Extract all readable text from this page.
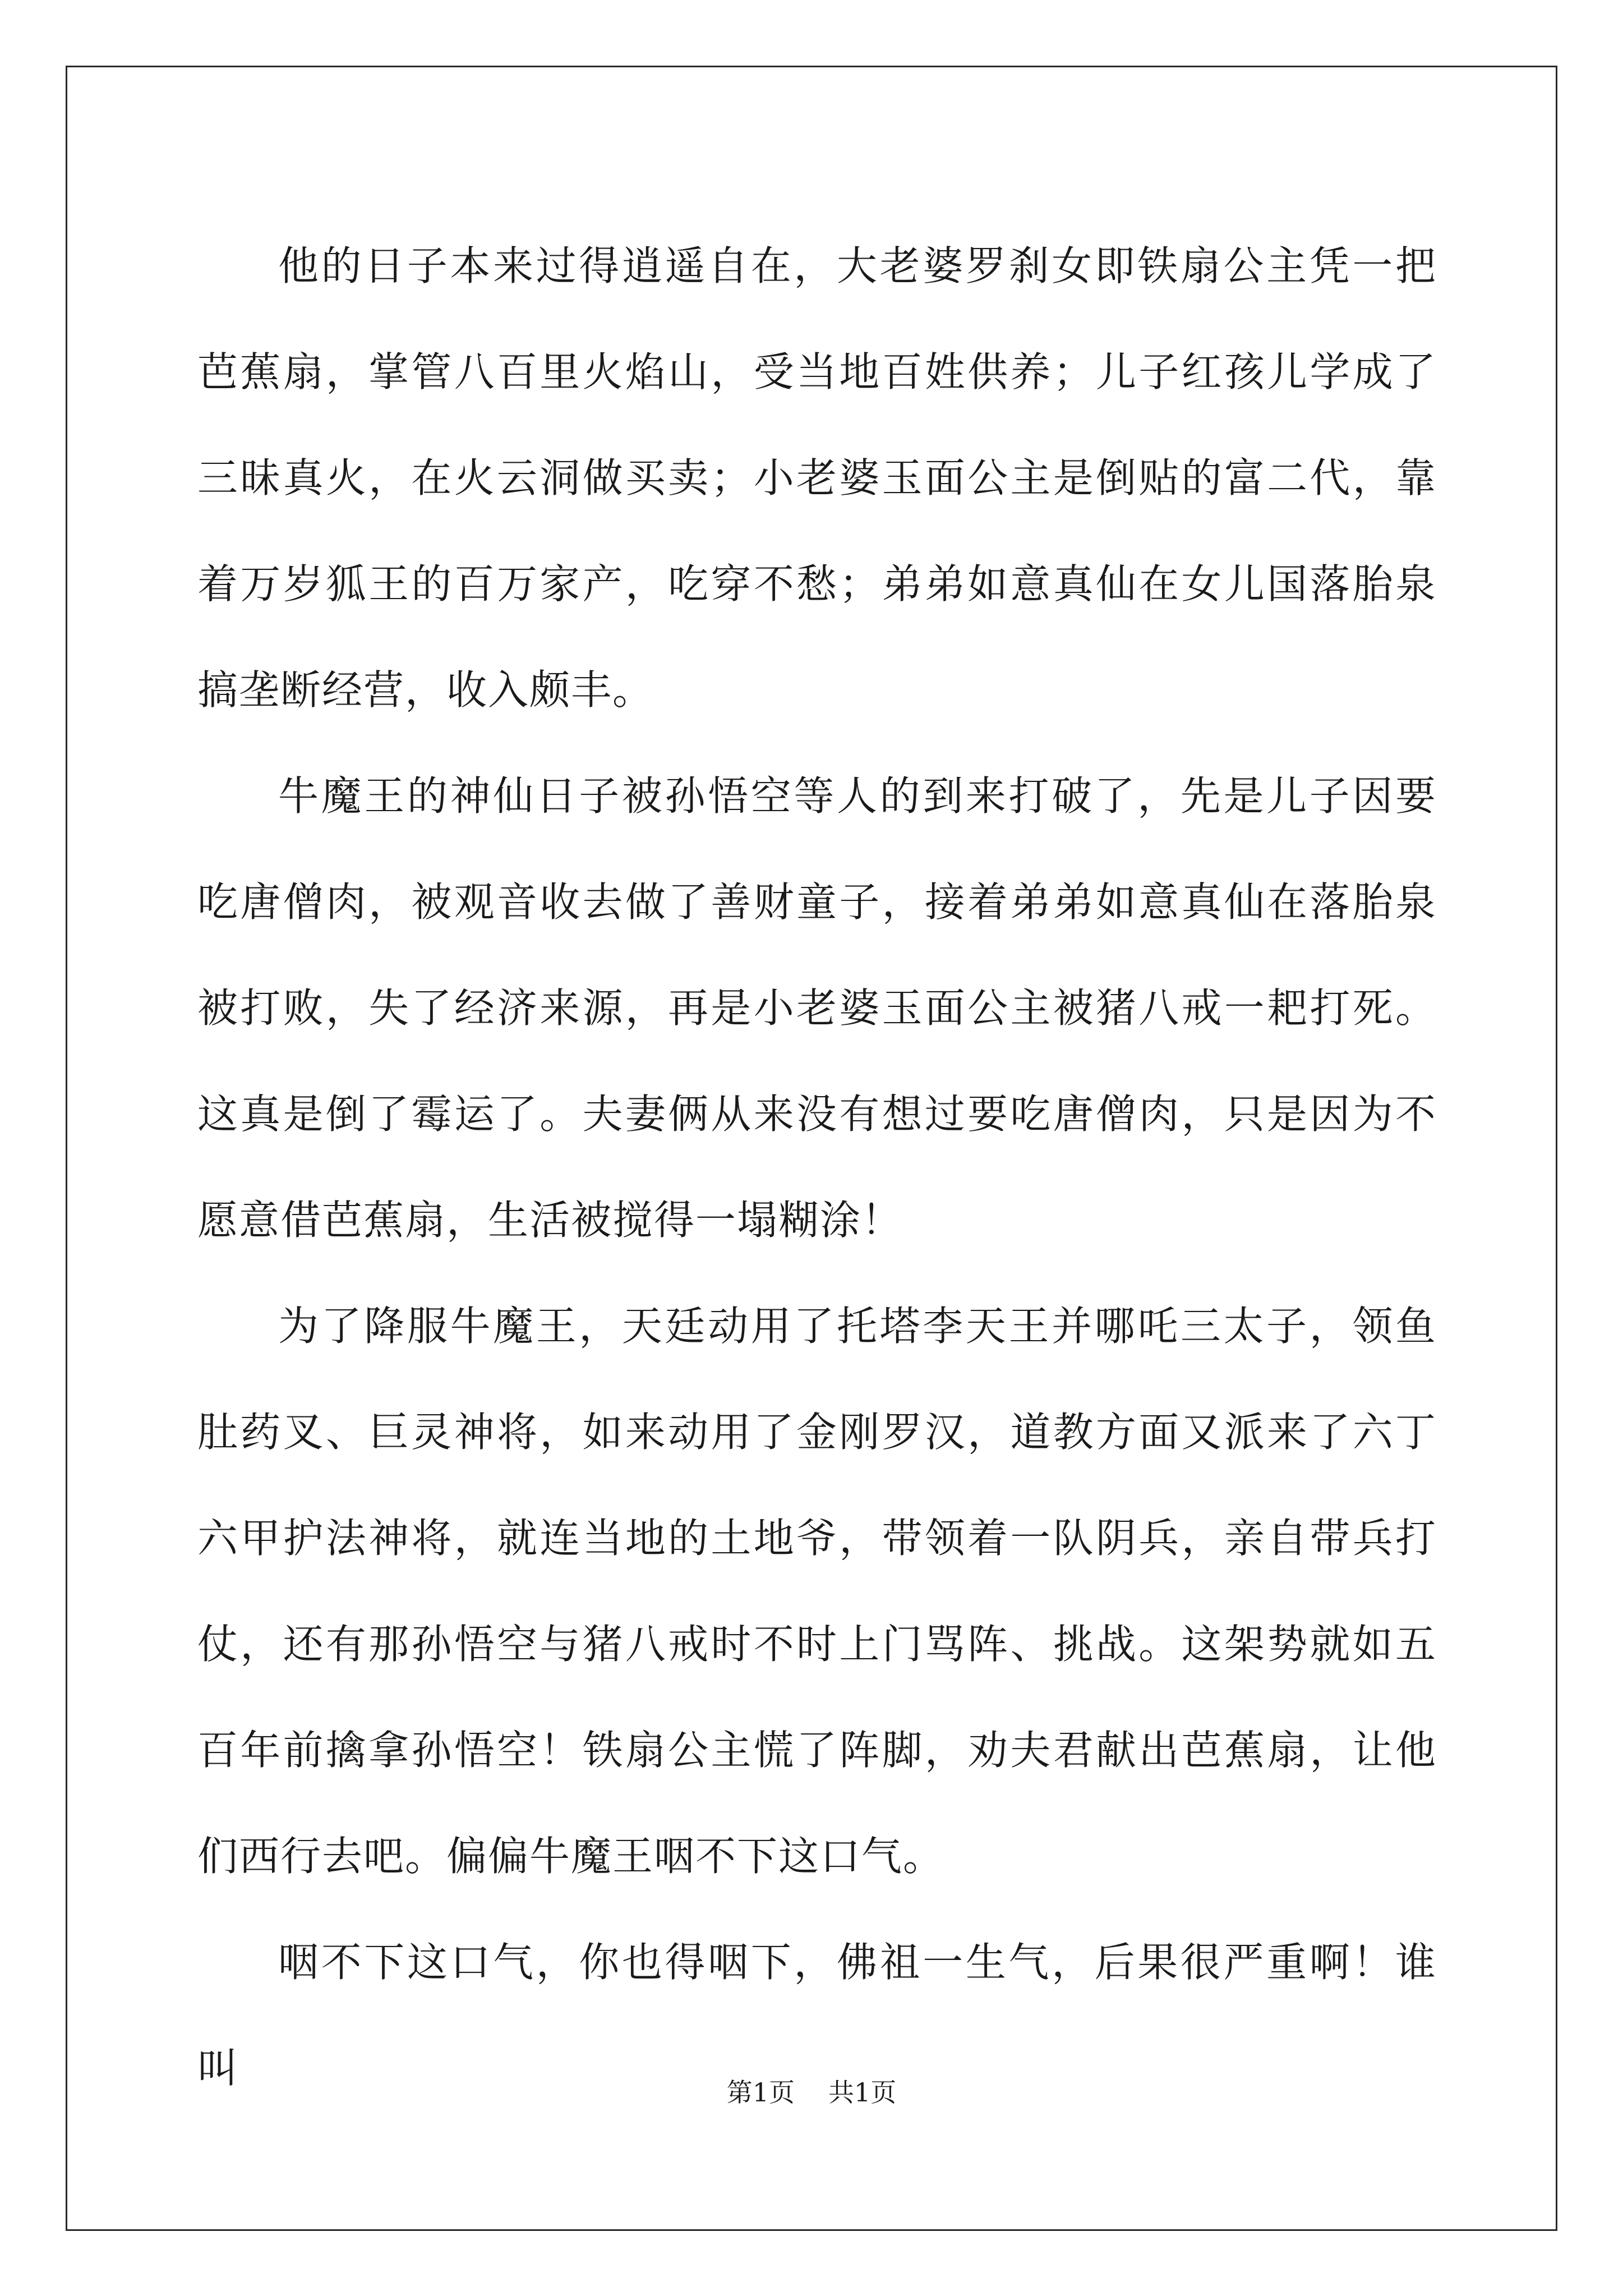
他的日子本来过得逍遥自在，大老婆罗刹女即铁扇公主凭一把芭蕉扇，掌管八百里火焰山，受当地百姓供养；儿子红孩儿学成了三昧真火，在火云洞做买卖；小老婆玉面公主是倒贴的富二代，靠着万岁狐王的百万家产，吃穿不愁；弟弟如意真仙在女儿国落胎泉搞垄断经营，收入颇丰。

牛魔王的神仙日子被孙悟空等人的到来打破了，先是儿子因要吃唐僧肉，被观音收去做了善财童子，接着弟弟如意真仙在落胎泉被打败，失了经济来源，再是小老婆玉面公主被猪八戒一耙打死。这真是倒了霉运了。夫妻俩从来没有想过要吃唐僧肉，只是因为不愿意借芭蕉扇，生活被搅得一塌糊涂！

为了降服牛魔王，天廷动用了托塔李天王并哪吒三太子，领鱼肚药叉、巨灵神将，如来动用了金刚罗汉，道教方面又派来了六丁六甲护法神将，就连当地的土地爷，带领着一队阴兵，亲自带兵打仗，还有那孙悟空与猪八戒时不时上门骂阵、挑战。这架势就如五百年前擒拿孙悟空！铁扇公主慌了阵脚，劝夫君献出芭蕉扇，让他们西行去吧。偏偏牛魔王咽不下这口气。

咽不下这口气，你也得咽下，佛祖一生气，后果很严重啊！谁叫

第1页 共1页
